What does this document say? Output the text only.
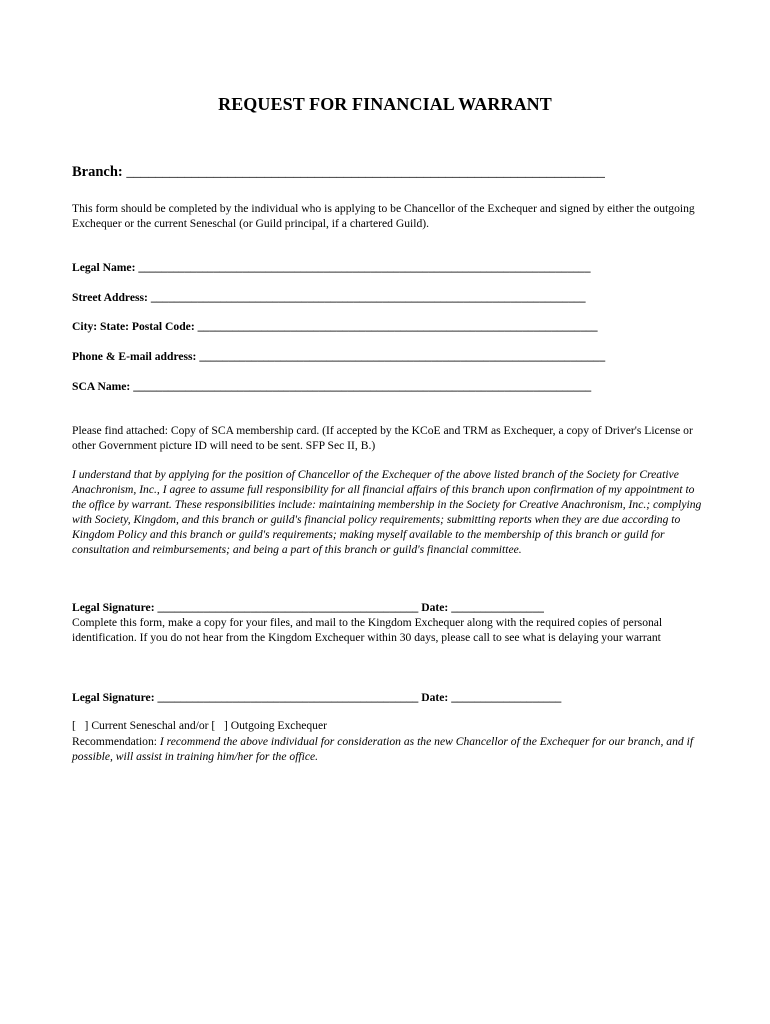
REQUEST FOR FINANCIAL WARRANT
Branch: __________________________________________________________________
This form should be completed by the individual who is applying to be Chancellor of the Exchequer and signed by either the outgoing Exchequer or the current Seneschal (or Guild principal, if a chartered Guild).
Legal Name: ______________________________________________________________________________
Street Address: ___________________________________________________________________________
City: State: Postal Code: _____________________________________________________________________
Phone & E-mail address: ______________________________________________________________________
SCA Name: _______________________________________________________________________________
Please find attached: Copy of SCA membership card. (If accepted by the KCoE and TRM as Exchequer, a copy of Driver's License or other Government picture ID will need to be sent. SFP Sec II, B.)
I understand that by applying for the position of Chancellor of the Exchequer of the above listed branch of the Society for Creative Anachronism, Inc., I agree to assume full responsibility for all financial affairs of this branch upon confirmation of my appointment to the office by warrant. These responsibilities include: maintaining membership in the Society for Creative Anachronism, Inc.; complying with Society, Kingdom, and this branch or guild's financial policy requirements; submitting reports when they are due according to Kingdom Policy and this branch or guild's requirements; making myself available to the membership of this branch or guild for consultation and reimbursements; and being a part of this branch or guild's financial committee.
Legal Signature: _____________________________________________ Date: ________________
Complete this form, make a copy for your files, and mail to the Kingdom Exchequer along with the required copies of personal identification. If you do not hear from the Kingdom Exchequer within 30 days, please call to see what is delaying your warrant
Legal Signature: _____________________________________________ Date: ___________________
[   ] Current Seneschal and/or [   ] Outgoing Exchequer
Recommendation: I recommend the above individual for consideration as the new Chancellor of the Exchequer for our branch, and if possible, will assist in training him/her for the office.
